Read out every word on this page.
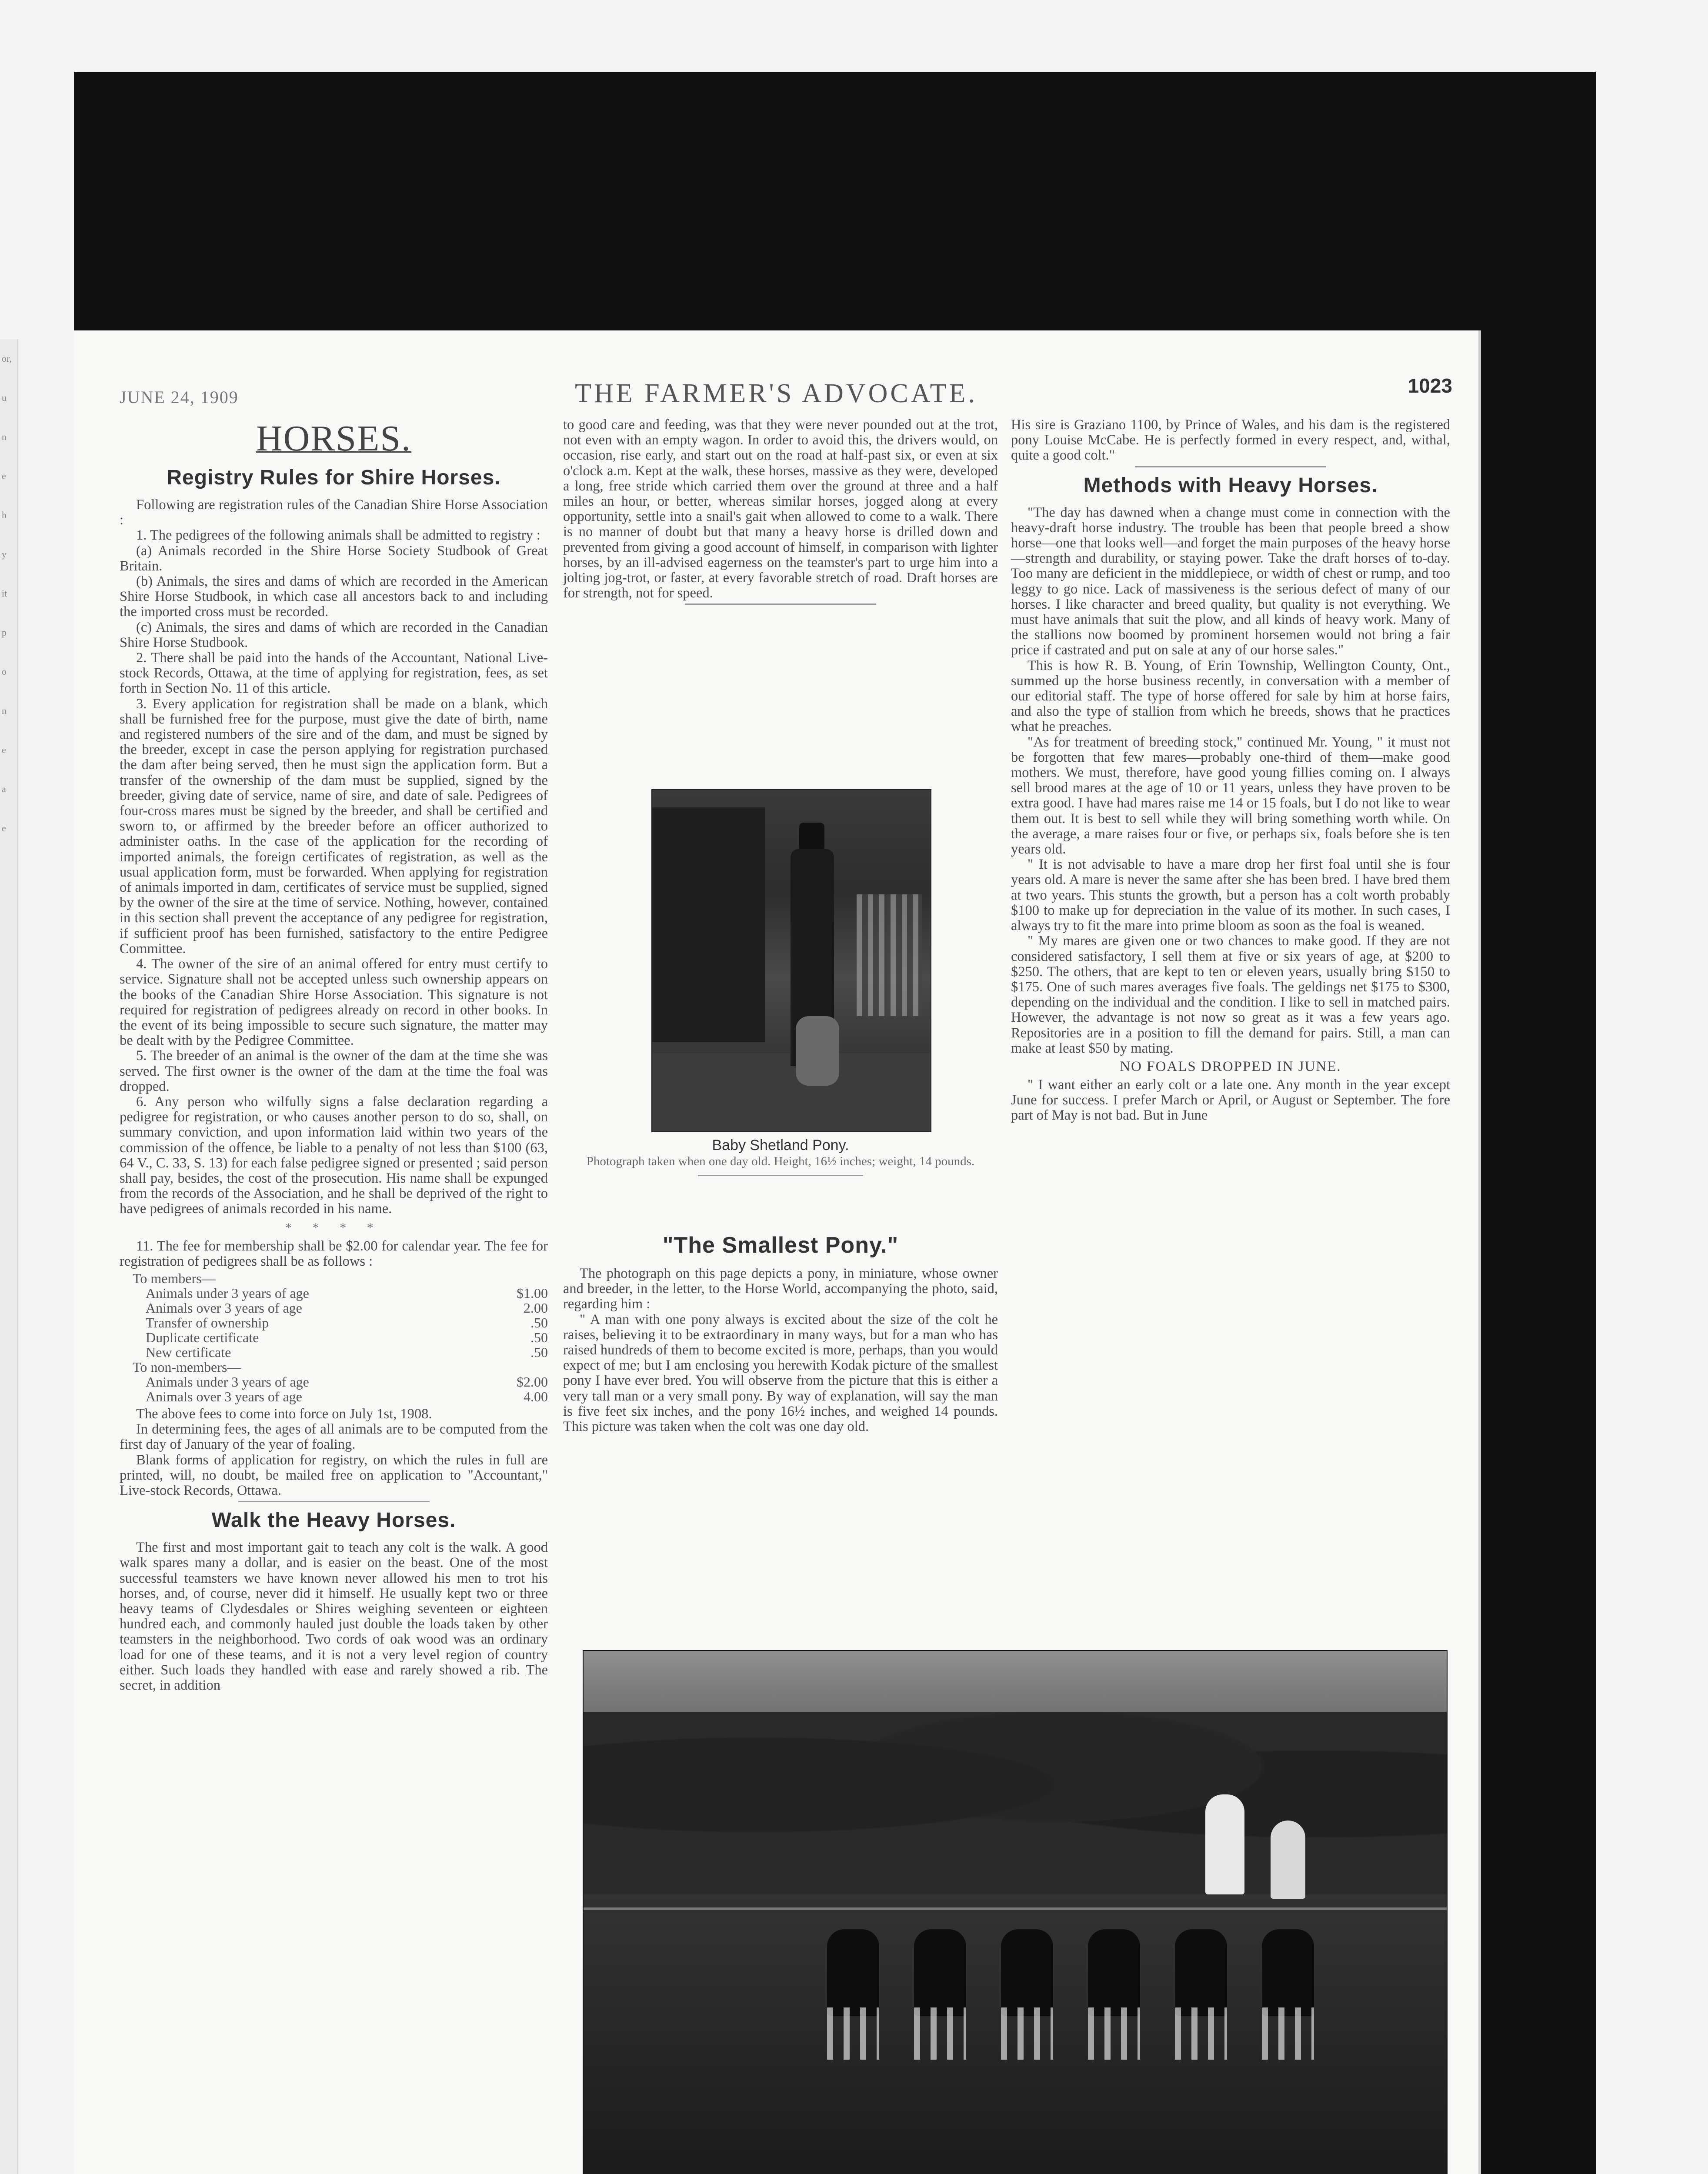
or,
u
n
e
h
y
it
p
o
n
e
a
e
JUNE 24, 1909	THE FARMER'S ADVOCATE.	1023
HORSES.
Registry Rules for Shire Horses.

Following are registration rules of the Canadian Shire Horse Association :

1. The pedigrees of the following animals shall be admitted to registry :

(a) Animals recorded in the Shire Horse Society Studbook of Great Britain.

(b) Animals, the sires and dams of which are recorded in the American Shire Horse Studbook, in which case all ancestors back to and including the imported cross must be recorded.

(c) Animals, the sires and dams of which are recorded in the Canadian Shire Horse Studbook.

2. There shall be paid into the hands of the Accountant, National Live-stock Records, Ottawa, at the time of applying for registration, fees, as set forth in Section No. 11 of this article.

3. Every application for registration shall be made on a blank, which shall be furnished free for the purpose, must give the date of birth, name and registered numbers of the sire and of the dam, and must be signed by the breeder, except in case the person applying for registration purchased the dam after being served, then he must sign the application form. But a transfer of the ownership of the dam must be supplied, signed by the breeder, giving date of service, name of sire, and date of sale. Pedigrees of four-cross mares must be signed by the breeder, and shall be certified and sworn to, or affirmed by the breeder before an officer authorized to administer oaths. In the case of the application for the recording of imported animals, the foreign certificates of registration, as well as the usual application form, must be forwarded. When applying for registration of animals imported in dam, certificates of service must be supplied, signed by the owner of the sire at the time of service. Nothing, however, contained in this section shall prevent the acceptance of any pedigree for registration, if sufficient proof has been furnished, satisfactory to the entire Pedigree Committee.

4. The owner of the sire of an animal offered for entry must certify to service. Signature shall not be accepted unless such ownership appears on the books of the Canadian Shire Horse Association. This signature is not required for registration of pedigrees already on record in other books. In the event of its being impossible to secure such signature, the matter may be dealt with by the Pedigree Committee.

5. The breeder of an animal is the owner of the dam at the time she was served. The first owner is the owner of the dam at the time the foal was dropped.

6. Any person who wilfully signs a false declaration regarding a pedigree for registration, or who causes another person to do so, shall, on summary conviction, and upon information laid within two years of the commission of the offence, be liable to a penalty of not less than $100 (63, 64 V., C. 33, S. 13) for each false pedigree signed or presented ; said person shall pay, besides, the cost of the prosecution. His name shall be expunged from the records of the Association, and he shall be deprived of the right to have pedigrees of animals recorded in his name.

* * * *

11. The fee for membership shall be $2.00 for calendar year. The fee for registration of pedigrees shall be as follows :

To members—	
Animals under 3 years of age	$1.00
Animals over 3 years of age	2.00
Transfer of ownership	.50
Duplicate certificate	.50
New certificate	.50
To non-members—	
Animals under 3 years of age	$2.00
Animals over 3 years of age	4.00

The above fees to come into force on July 1st, 1908.

In determining fees, the ages of all animals are to be computed from the first day of January of the year of foaling.

Blank forms of application for registry, on which the rules in full are printed, will, no doubt, be mailed free on application to "Accountant," Live-stock Records, Ottawa.

Walk the Heavy Horses.

The first and most important gait to teach any colt is the walk. A good walk spares many a dollar, and is easier on the beast. One of the most successful teamsters we have known never allowed his men to trot his horses, and, of course, never did it himself. He usually kept two or three heavy teams of Clydesdales or Shires weighing seventeen or eighteen hundred each, and commonly hauled just double the loads taken by other teamsters in the neighborhood. Two cords of oak wood was an ordinary load for one of these teams, and it is not a very level region of country either. Such loads they handled with ease and rarely showed a rib. The secret, in addition

to good care and feeding, was that they were never pounded out at the trot, not even with an empty wagon. In order to avoid this, the drivers would, on occasion, rise early, and start out on the road at half-past six, or even at six o'clock a.m. Kept at the walk, these horses, massive as they were, developed a long, free stride which carried them over the ground at three and a half miles an hour, or better, whereas similar horses, jogged along at every opportunity, settle into a snail's gait when allowed to come to a walk. There is no manner of doubt but that many a heavy horse is drilled down and prevented from giving a good account of himself, in comparison with lighter horses, by an ill-advised eagerness on the teamster's part to urge him into a jolting jog-trot, or faster, at every favorable stretch of road. Draft horses are for strength, not for speed.

Baby Shetland Pony.
Photograph taken when one day old. Height, 16½ inches; weight, 14 pounds.
"The Smallest Pony."

The photograph on this page depicts a pony, in miniature, whose owner and breeder, in the letter, to the Horse World, accompanying the photo, said, regarding him :

" A man with one pony always is excited about the size of the colt he raises, believing it to be extraordinary in many ways, but for a man who has raised hundreds of them to become excited is more, perhaps, than you would expect of me; but I am enclosing you herewith Kodak picture of the smallest pony I have ever bred. You will observe from the picture that this is either a very tall man or a very small pony. By way of explanation, will say the man is five feet six inches, and the pony 16½ inches, and weighed 14 pounds. This picture was taken when the colt was one day old.

His sire is Graziano 1100, by Prince of Wales, and his dam is the registered pony Louise McCabe. He is perfectly formed in every respect, and, withal, quite a good colt."

Methods with Heavy Horses.

"The day has dawned when a change must come in connection with the heavy-draft horse industry. The trouble has been that people breed a show horse—one that looks well—and forget the main purposes of the heavy horse—strength and durability, or staying power. Take the draft horses of to-day. Too many are deficient in the middlepiece, or width of chest or rump, and too leggy to go nice. Lack of massiveness is the serious defect of many of our horses. I like character and breed quality, but quality is not everything. We must have animals that suit the plow, and all kinds of heavy work. Many of the stallions now boomed by prominent horsemen would not bring a fair price if castrated and put on sale at any of our horse sales."

This is how R. B. Young, of Erin Township, Wellington County, Ont., summed up the horse business recently, in conversation with a member of our editorial staff. The type of horse offered for sale by him at horse fairs, and also the type of stallion from which he breeds, shows that he practices what he preaches.

"As for treatment of breeding stock," continued Mr. Young, " it must not be forgotten that few mares—probably one-third of them—make good mothers. We must, therefore, have good young fillies coming on. I always sell brood mares at the age of 10 or 11 years, unless they have proven to be extra good. I have had mares raise me 14 or 15 foals, but I do not like to wear them out. It is best to sell while they will bring something worth while. On the average, a mare raises four or five, or perhaps six, foals before she is ten years old.

" It is not advisable to have a mare drop her first foal until she is four years old. A mare is never the same after she has been bred. I have bred them at two years. This stunts the growth, but a person has a colt worth probably $100 to make up for depreciation in the value of its mother. In such cases, I always try to fit the mare into prime bloom as soon as the foal is weaned.

" My mares are given one or two chances to make good. If they are not considered satisfactory, I sell them at five or six years of age, at $200 to $250. The others, that are kept to ten or eleven years, usually bring $150 to $175. One of such mares averages five foals. The geldings net $175 to $300, depending on the individual and the condition. I like to sell in matched pairs. However, the advantage is not now so great as it was a few years ago. Repositories are in a position to fill the demand for pairs. Still, a man can make at least $50 by mating.

NO FOALS DROPPED IN JUNE.

" I want either an early colt or a late one. Any month in the year except June for success. I prefer March or April, or August or September. The fore part of May is not bad. But in June
